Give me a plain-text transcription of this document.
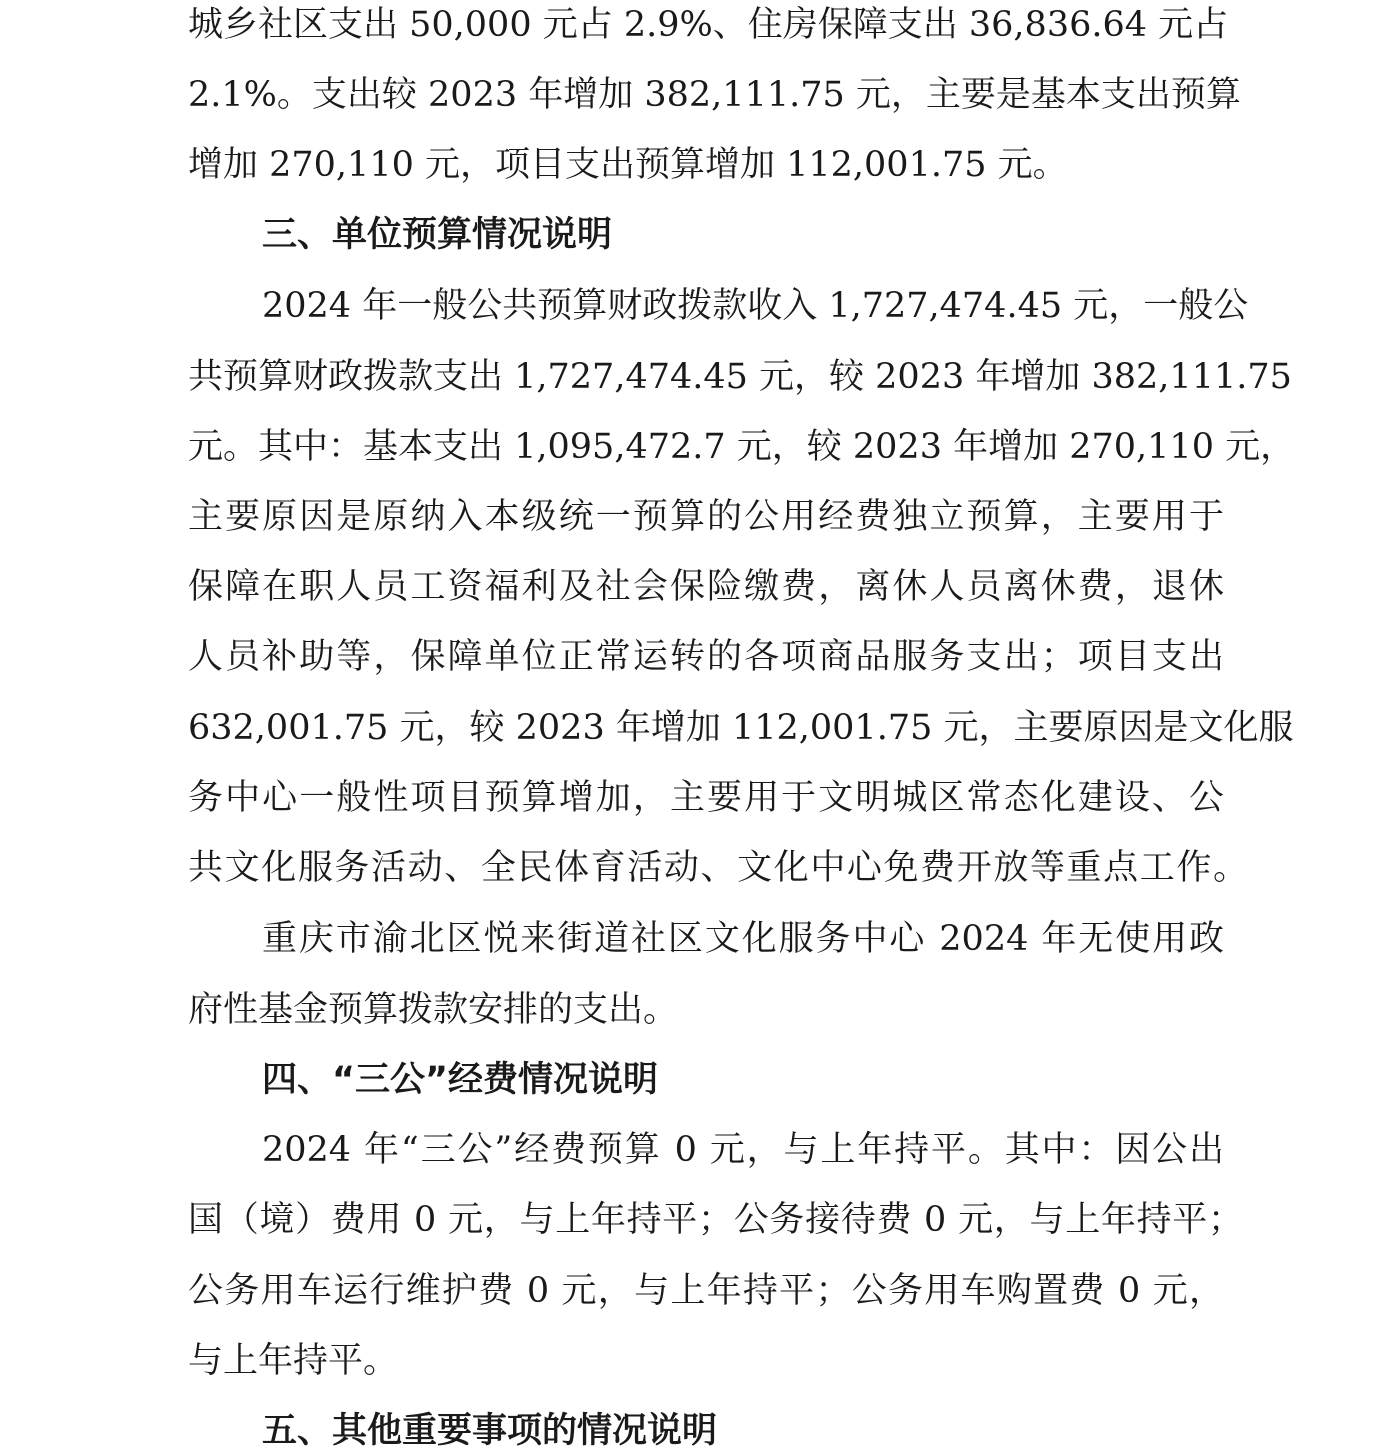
城乡社区支出 50,000 元占 2.9%、住房保障支出 36,836.64 元占
2.1%。支出较 2023 年增加 382,111.75 元，主要是基本支出预算
增加 270,110 元，项目支出预算增加 112,001.75 元。
三、单位预算情况说明
2024 年一般公共预算财政拨款收入 1,727,474.45 元，一般公
共预算财政拨款支出 1,727,474.45 元，较 2023 年增加 382,111.75
元。其中：基本支出 1,095,472.7 元，较 2023 年增加 270,110 元，
主要原因是原纳入本级统一预算的公用经费独立预算，主要用于
保障在职人员工资福利及社会保险缴费，离休人员离休费，退休
人员补助等，保障单位正常运转的各项商品服务支出；项目支出
632,001.75 元，较 2023 年增加 112,001.75 元，主要原因是文化服
务中心一般性项目预算增加，主要用于文明城区常态化建设、公
共文化服务活动、全民体育活动、文化中心免费开放等重点工作。
重庆市渝北区悦来街道社区文化服务中心 2024 年无使用政
府性基金预算拨款安排的支出。
四、“三公”经费情况说明
2024 年“三公”经费预算 0 元，与上年持平。其中：因公出
国（境）费用 0 元，与上年持平；公务接待费 0 元，与上年持平；
公务用车运行维护费 0 元，与上年持平；公务用车购置费 0 元，
与上年持平。
五、其他重要事项的情况说明
